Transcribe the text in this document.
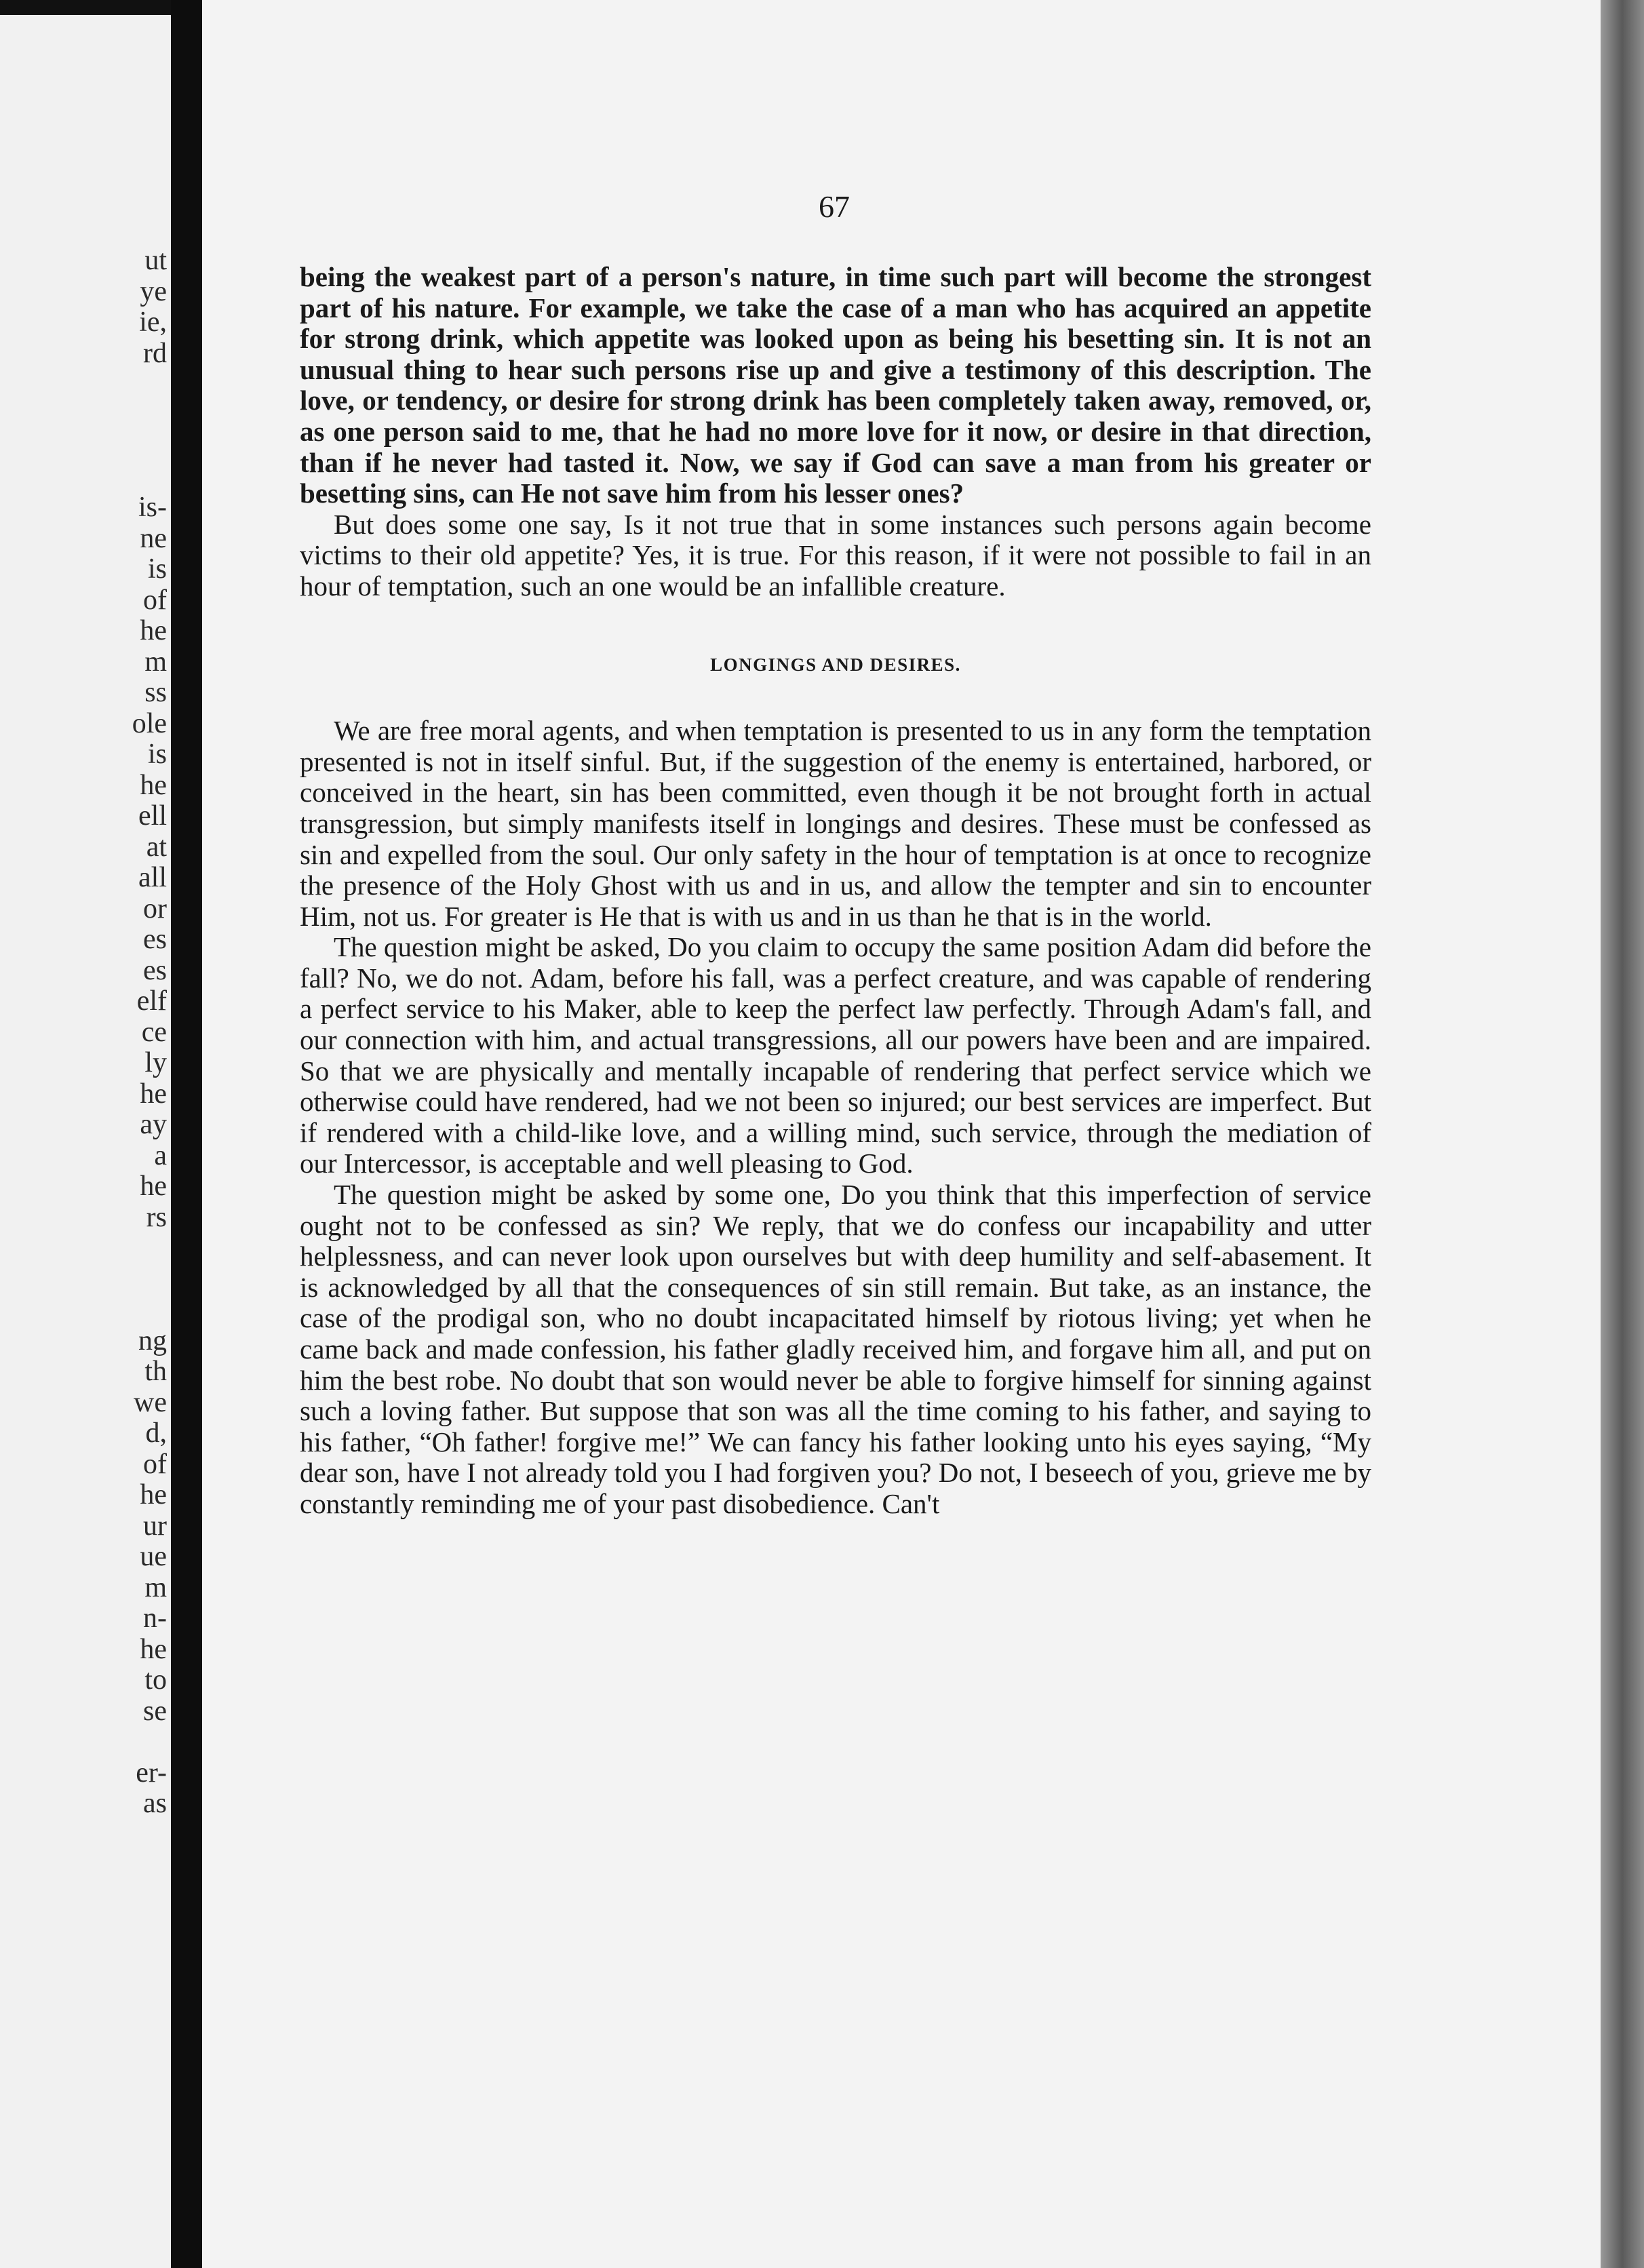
ut
ye
ie,
rd

is-
ne
is
of
he
m
ss
ole
is
he
ell
at
all
or
es
es
elf
ce
ly
he
ay
a
he
rs

ng
th
we
d,
of
he
ur
ue
m
n-
he
to
se

er-
as
67

being the weakest part of a person's nature, in time such part will become the strongest part of his nature. For example, we take the case of a man who has acquired an appetite for strong drink, which appetite was looked upon as being his besetting sin. It is not an unusual thing to hear such persons rise up and give a testimony of this description. The love, or tendency, or desire for strong drink has been completely taken away, removed, or, as one person said to me, that he had no more love for it now, or desire in that direction, than if he never had tasted it. Now, we say if God can save a man from his greater or besetting sins, can He not save him from his lesser ones?

But does some one say, Is it not true that in some instances such persons again become victims to their old appetite? Yes, it is true. For this reason, if it were not possible to fail in an hour of temptation, such an one would be an infallible creature.

LONGINGS AND DESIRES.

We are free moral agents, and when temptation is presented to us in any form the temptation presented is not in itself sinful. But, if the suggestion of the enemy is entertained, harbored, or conceived in the heart, sin has been committed, even though it be not brought forth in actual transgression, but simply manifests itself in longings and desires. These must be confessed as sin and expelled from the soul. Our only safety in the hour of temptation is at once to recognize the presence of the Holy Ghost with us and in us, and allow the tempter and sin to encounter Him, not us. For greater is He that is with us and in us than he that is in the world.

The question might be asked, Do you claim to occupy the same position Adam did before the fall? No, we do not. Adam, before his fall, was a perfect creature, and was capable of rendering a perfect service to his Maker, able to keep the perfect law perfectly. Through Adam's fall, and our connection with him, and actual transgressions, all our powers have been and are impaired. So that we are physically and mentally incapable of rendering that perfect service which we otherwise could have rendered, had we not been so injured; our best services are imperfect. But if rendered with a child-like love, and a willing mind, such service, through the mediation of our Intercessor, is acceptable and well pleasing to God.

The question might be asked by some one, Do you think that this imperfection of service ought not to be confessed as sin? We reply, that we do confess our incapability and utter helplessness, and can never look upon ourselves but with deep humility and self-abasement. It is acknowledged by all that the consequences of sin still remain. But take, as an instance, the case of the prodigal son, who no doubt incapacitated himself by riotous living; yet when he came back and made confession, his father gladly received him, and forgave him all, and put on him the best robe. No doubt that son would never be able to forgive himself for sinning against such a loving father. But suppose that son was all the time coming to his father, and saying to his father, “Oh father! forgive me!” We can fancy his father looking unto his eyes saying, “My dear son, have I not already told you I had forgiven you? Do not, I beseech of you, grieve me by constantly reminding me of your past disobedience. Can't
